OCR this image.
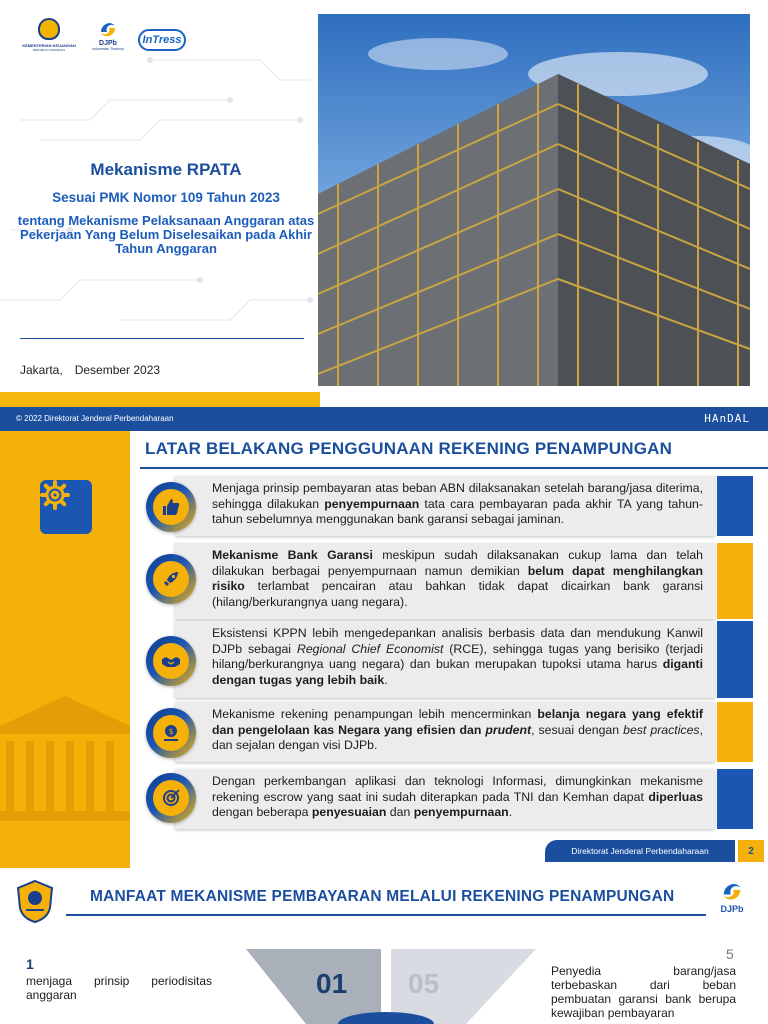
KEMENTERIAN KEUANGAN
REPUBLIK INDONESIA
DJPb
Indonesian Treasury
InTress
Mekanisme RPATA
Sesuai PMK Nomor 109 Tahun 2023
tentang Mekanisme Pelaksanaan Anggaran atas Pekerjaan Yang Belum Diselesaikan pada Akhir Tahun Anggaran
Jakarta, Desember 2023
© 2022 Direktorat Jenderal Perbendaharaan	HAnDAL
LATAR BELAKANG PENGGUNAAN REKENING PENAMPUNGAN
Menjaga prinsip pembayaran atas beban ABN dilaksanakan setelah barang/jasa diterima, sehingga dilakukan penyempurnaan tata cara pembayaran pada akhir TA yang tahun-tahun sebelumnya menggunakan bank garansi sebagai jaminan.
Mekanisme Bank Garansi meskipun sudah dilaksanakan cukup lama dan telah dilakukan berbagai penyempurnaan namun demikian belum dapat menghilangkan risiko terlambat pencairan atau bahkan tidak dapat dicairkan bank garansi (hilang/berkurangnya uang negara).
Eksistensi KPPN lebih mengedepankan analisis berbasis data dan mendukung Kanwil DJPb sebagai Regional Chief Economist (RCE), sehingga tugas yang berisiko (terjadi hilang/berkurangnya uang negara) dan bukan merupakan tupoksi utama harus diganti dengan tugas yang lebih baik.
Mekanisme rekening penampungan lebih mencerminkan belanja negara yang efektif dan pengelolaan kas Negara yang efisien dan prudent, sesuai dengan best practices, dan sejalan dengan visi DJPb.
$
Dengan perkembangan aplikasi dan teknologi Informasi, dimungkinkan mekanisme rekening escrow yang saat ini sudah diterapkan pada TNI dan Kemhan dapat diperluas dengan beberapa penyesuaian dan penyempurnaan.
Direktorat Jenderal Perbendaharaan	2
MANFAAT MEKANISME PEMBAYARAN MELALUI REKENING PENAMPUNGAN
DJPb
1
menjaga prinsip periodisitas anggaran	01 05
5
Penyedia barang/jasa terbebaskan dari beban pembuatan garansi bank berupa kewajiban pembayaran
